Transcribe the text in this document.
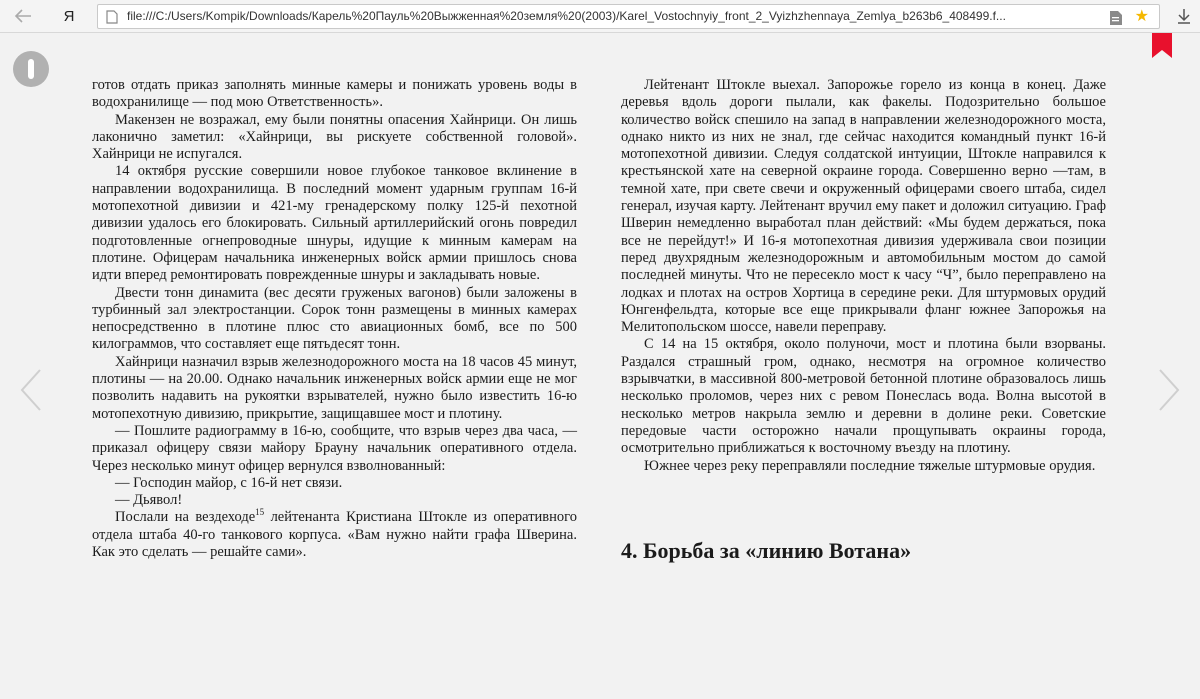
Я	file:///C:/Users/Kompik/Downloads/Карель%20Пауль%20Выжженная%20земля%20(2003)/Karel_Vostochnyiy_front_2_Vyizhzhennaya_Zemlya_b263b6_408499.f...	★

готов отдать приказ заполнять минные камеры и понижать уровень воды в водохранилище — под мою Ответственность».

Макензен не возражал, ему были понятны опасения Хайнрици. Он лишь лаконично заметил: «Хайнрици, вы рискуете собственной головой». Хайнрици не испугался.

14 октября русские совершили новое глубокое танковое вклинение в направлении водохранилища. В последний момент ударным группам 16-й мотопехотной дивизии и 421-му гренадерскому полку 125-й пехотной дивизии удалось его блокировать. Сильный артиллерийский огонь повредил подготовленные огнепроводные шнуры, идущие к минным камерам на плотине. Офицерам начальника инженерных войск армии пришлось снова идти вперед ремонтировать поврежденные шнуры и закладывать новые.

Двести тонн динамита (вес десяти груженых вагонов) были заложены в турбинный зал электростанции. Сорок тонн размещены в минных камерах непосредственно в плотине плюс сто авиационных бомб, все по 500 килограммов, что составляет еще пятьдесят тонн.

Хайнрици назначил взрыв железнодорожного моста на 18 часов 45 минут, плотины — на 20.00. Однако начальник инженерных войск армии еще не мог позволить надавить на рукоятки взрывателей, нужно было известить 16-ю мотопехотную дивизию, прикрытие, защищавшее мост и плотину.

— Пошлите радиограмму в 16-ю, сообщите, что взрыв через два часа, — приказал офицеру связи майору Брауну начальник оперативного отдела. Через несколько минут офицер вернулся взволнованный:

— Господин майор, с 16-й нет связи.

— Дьявол!

Послали на вездеходе$^{15}$ лейтенанта Кристиана Штокле из оперативного отдела штаба 40-го танкового корпуса. «Вам нужно найти графа Шверина. Как это сделать — решайте сами».

Лейтенант Штокле выехал. Запорожье горело из конца в конец. Даже деревья вдоль дороги пылали, как факелы. Подозрительно большое количество войск спешило на запад в направлении железнодорожного моста, однако никто из них не знал, где сейчас находится командный пункт 16-й мотопехотной дивизии. Следуя солдатской интуиции, Штокле направился к крестьянской хате на северной окраине города. Совершенно верно —там, в темной хате, при свете свечи и окруженный офицерами своего штаба, сидел генерал, изучая карту. Лейтенант вручил ему пакет и доложил ситуацию. Граф Шверин немедленно выработал план действий: «Мы будем держаться, пока все не перейдут!» И 16-я мотопехотная дивизия удерживала свои позиции перед двухрядным железнодорожным и автомобильным мостом до самой последней минуты. Что не пересекло мост к часу “Ч”, было переправлено на лодках и плотах на остров Хортица в середине реки. Для штурмовых орудий Юнгенфельдта, которые все еще прикрывали фланг южнее Запорожья на Мелитопольском шоссе, навели переправу.

С 14 на 15 октября, около полуночи, мост и плотина были взорваны. Раздался страшный гром, однако, несмотря на огромное количество взрывчатки, в массивной 800-метровой бетонной плотине образовалось лишь несколько проломов, через них с ревом Понеслась вода. Волна высотой в несколько метров накрыла землю и деревни в долине реки. Советские передовые части осторожно начали прощупывать окраины города, осмотрительно приближаться к восточному въезду на плотину.

Южнее через реку переправляли последние тяжелые штурмовые орудия.

4. Борьба за «линию Вотана»
